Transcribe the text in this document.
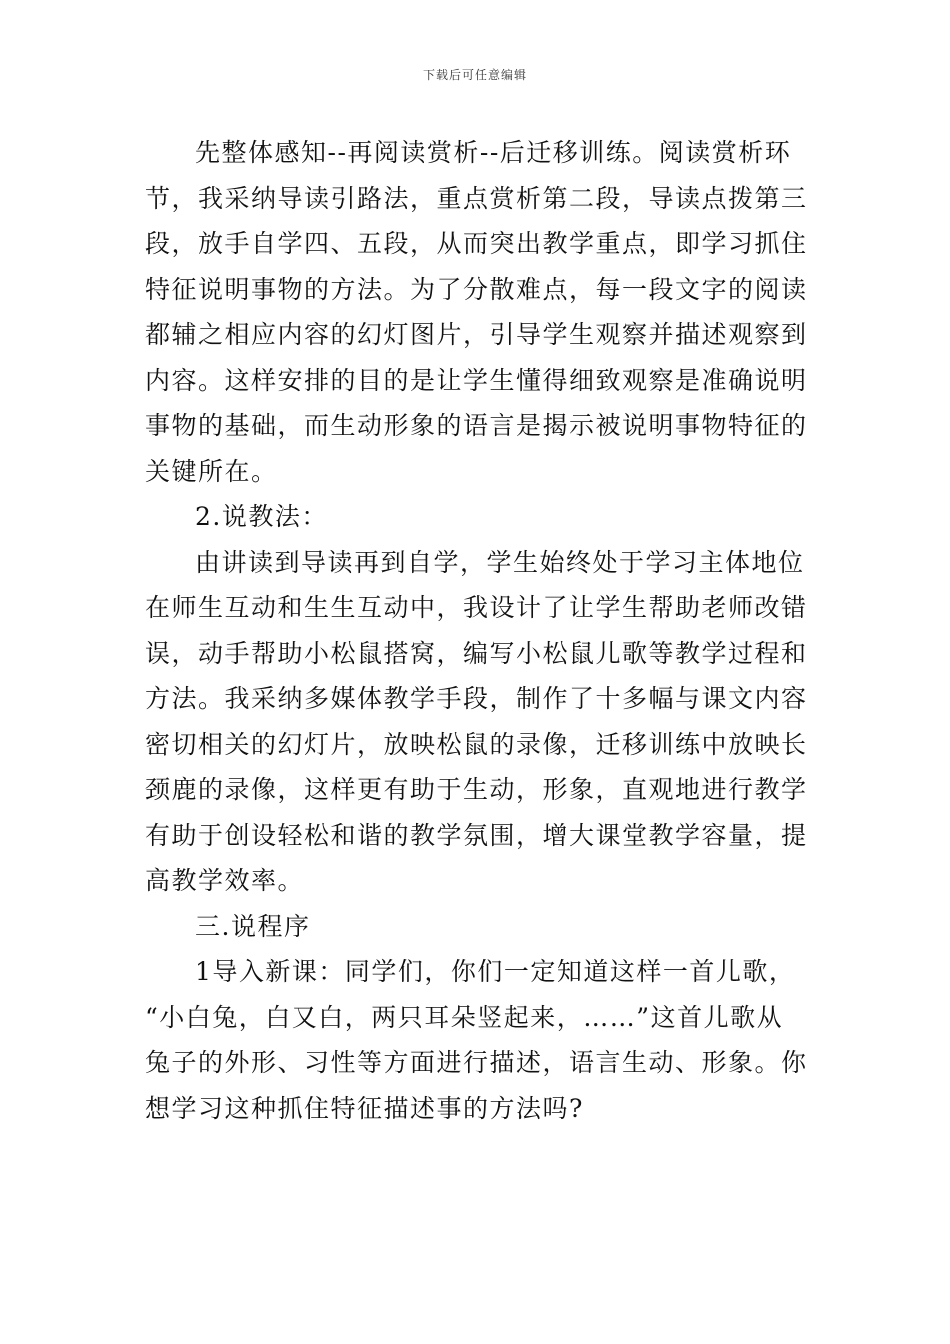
下载后可任意编辑
先整体感知--再阅读赏析--后迁移训练。阅读赏析环
节，我采纳导读引路法，重点赏析第二段，导读点拨第三
段，放手自学四、五段，从而突出教学重点，即学习抓住
特征说明事物的方法。为了分散难点，每一段文字的阅读
都辅之相应内容的幻灯图片，引导学生观察并描述观察到
内容。这样安排的目的是让学生懂得细致观察是准确说明
事物的基础，而生动形象的语言是揭示被说明事物特征的
关键所在。
2.说教法：
由讲读到导读再到自学，学生始终处于学习主体地位
在师生互动和生生互动中，我设计了让学生帮助老师改错
误，动手帮助小松鼠搭窝，编写小松鼠儿歌等教学过程和
方法。我采纳多媒体教学手段，制作了十多幅与课文内容
密切相关的幻灯片，放映松鼠的录像，迁移训练中放映长
颈鹿的录像，这样更有助于生动，形象，直观地进行教学
有助于创设轻松和谐的教学氛围，增大课堂教学容量，提
高教学效率。
三.说程序
1导入新课：同学们，你们一定知道这样一首儿歌，
“小白兔，白又白，两只耳朵竖起来，……”这首儿歌从
兔子的外形、习性等方面进行描述，语言生动、形象。你
想学习这种抓住特征描述事的方法吗?
